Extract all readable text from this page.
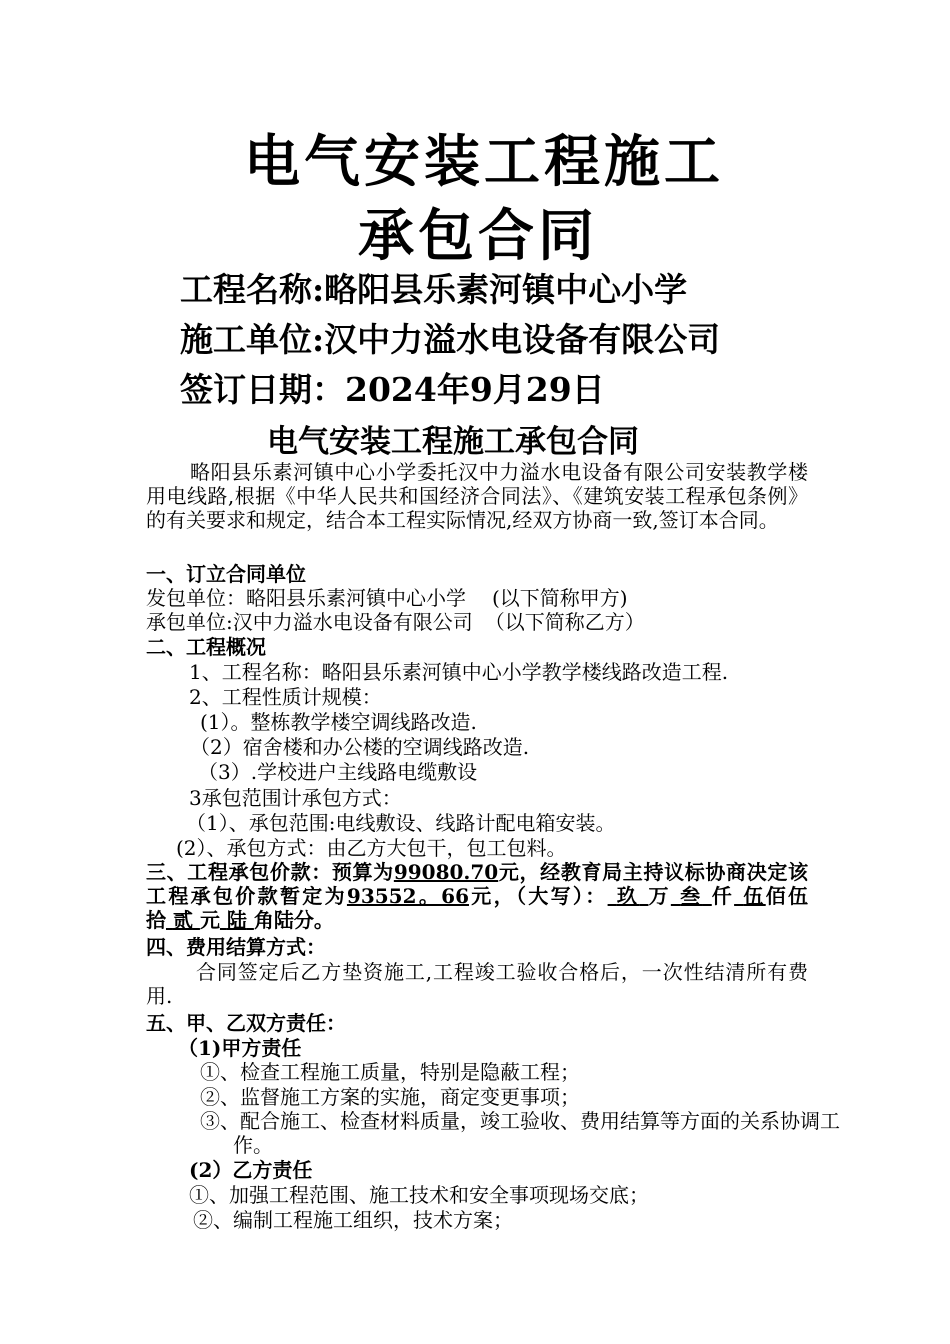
电气安装工程施工
承包合同
工程名称:略阳县乐素河镇中心小学
施工单位:汉中力溢水电设备有限公司
签订日期：2024年9月29日
电气安装工程施工承包合同
略阳县乐素河镇中心小学委托汉中力溢水电设备有限公司安装教学楼用电线路,根据《中华人民共和国经济合同法》、《建筑安装工程承包条例》的有关要求和规定，结合本工程实际情况,经双方协商一致,签订本合同。
一、订立合同单位
发包单位：略阳县乐素河镇中心小学 (以下简称甲方)
承包单位:汉中力溢水电设备有限公司 （以下简称乙方）
二、工程概况
1、工程名称：略阳县乐素河镇中心小学教学楼线路改造工程.
2、工程性质计规模：
(1）。整栋教学楼空调线路改造.
（2）宿舍楼和办公楼的空调线路改造.
（3）.学校进户主线路电缆敷设
3承包范围计承包方式：
（1）、承包范围:电线敷设、线路计配电箱安装。
(2）、承包方式：由乙方大包干，包工包料。
三、工程承包价款：预算为99080.70元，经教育局主持议标协商决定该工程承包价款暂定为93552。66元，（大写）： 玖 万 叁 仟 伍佰伍拾 贰 元 陆 角陆分。
四、费用结算方式：
合同签定后乙方垫资施工,工程竣工验收合格后，一次性结清所有费用.
五、甲、乙双方责任：
（1)甲方责任
①、检查工程施工质量，特别是隐蔽工程；
②、监督施工方案的实施，商定变更事项；
③、配合施工、检查材料质量，竣工验收、费用结算等方面的关系协调工作。
(2）乙方责任
①、加强工程范围、施工技术和安全事项现场交底；
②、编制工程施工组织，技术方案；
